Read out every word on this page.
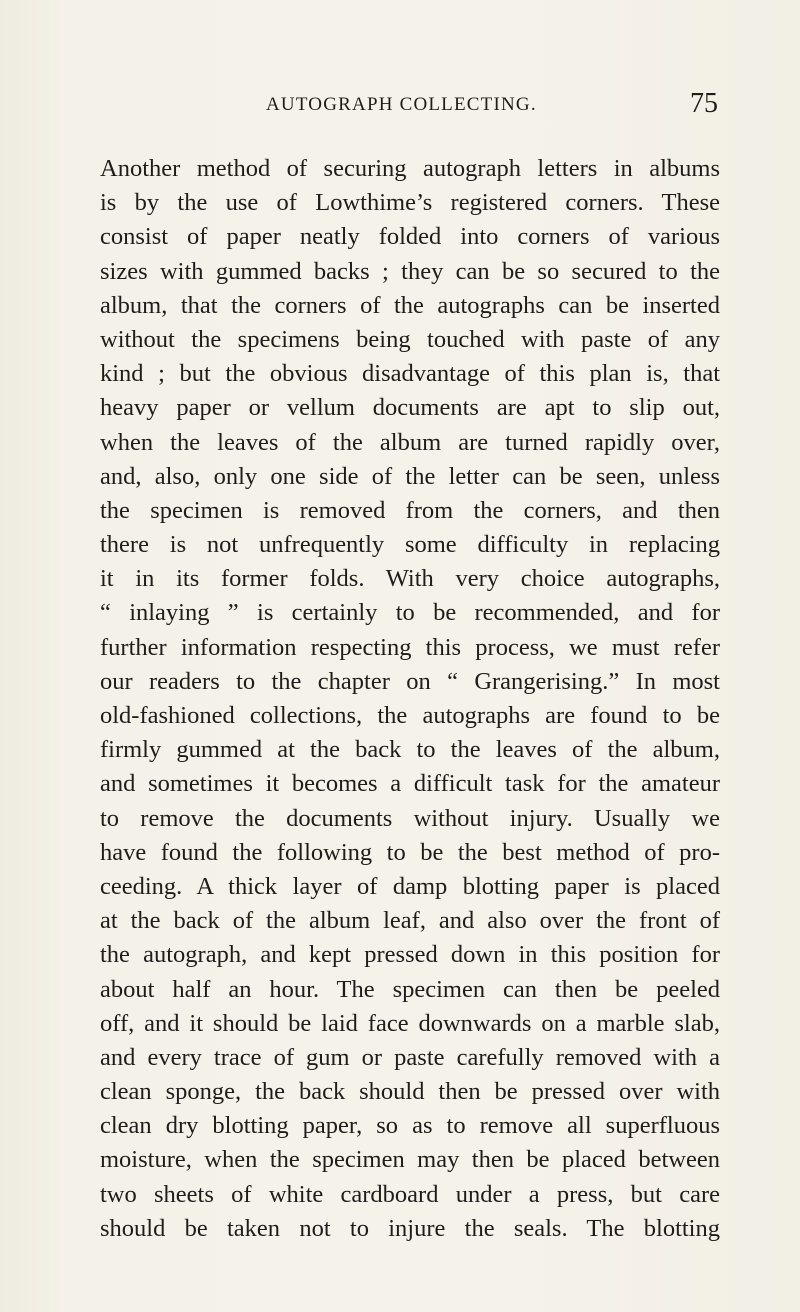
AUTOGRAPH COLLECTING.	75
Another method of securing autograph letters in albums
is by the use of Lowthime’s registered corners. These
consist of paper neatly folded into corners of various
sizes with gummed backs ; they can be so secured to the
album, that the corners of the autographs can be inserted
without the specimens being touched with paste of any
kind ; but the obvious disadvantage of this plan is, that
heavy paper or vellum documents are apt to slip out,
when the leaves of the album are turned rapidly over,
and, also, only one side of the letter can be seen, unless
the specimen is removed from the corners, and then
there is not unfrequently some difficulty in replacing
it in its former folds. With very choice autographs,
“ inlaying ” is certainly to be recommended, and for
further information respecting this process, we must refer
our readers to the chapter on “ Grangerising.” In most
old-fashioned collections, the autographs are found to be
firmly gummed at the back to the leaves of the album,
and sometimes it becomes a difficult task for the amateur
to remove the documents without injury. Usually we
have found the following to be the best method of pro-
ceeding. A thick layer of damp blotting paper is placed
at the back of the album leaf, and also over the front of
the autograph, and kept pressed down in this position for
about half an hour. The specimen can then be peeled
off, and it should be laid face downwards on a marble slab,
and every trace of gum or paste carefully removed with a
clean sponge, the back should then be pressed over with
clean dry blotting paper, so as to remove all superfluous
moisture, when the specimen may then be placed between
two sheets of white cardboard under a press, but care
should be taken not to injure the seals. The blotting
